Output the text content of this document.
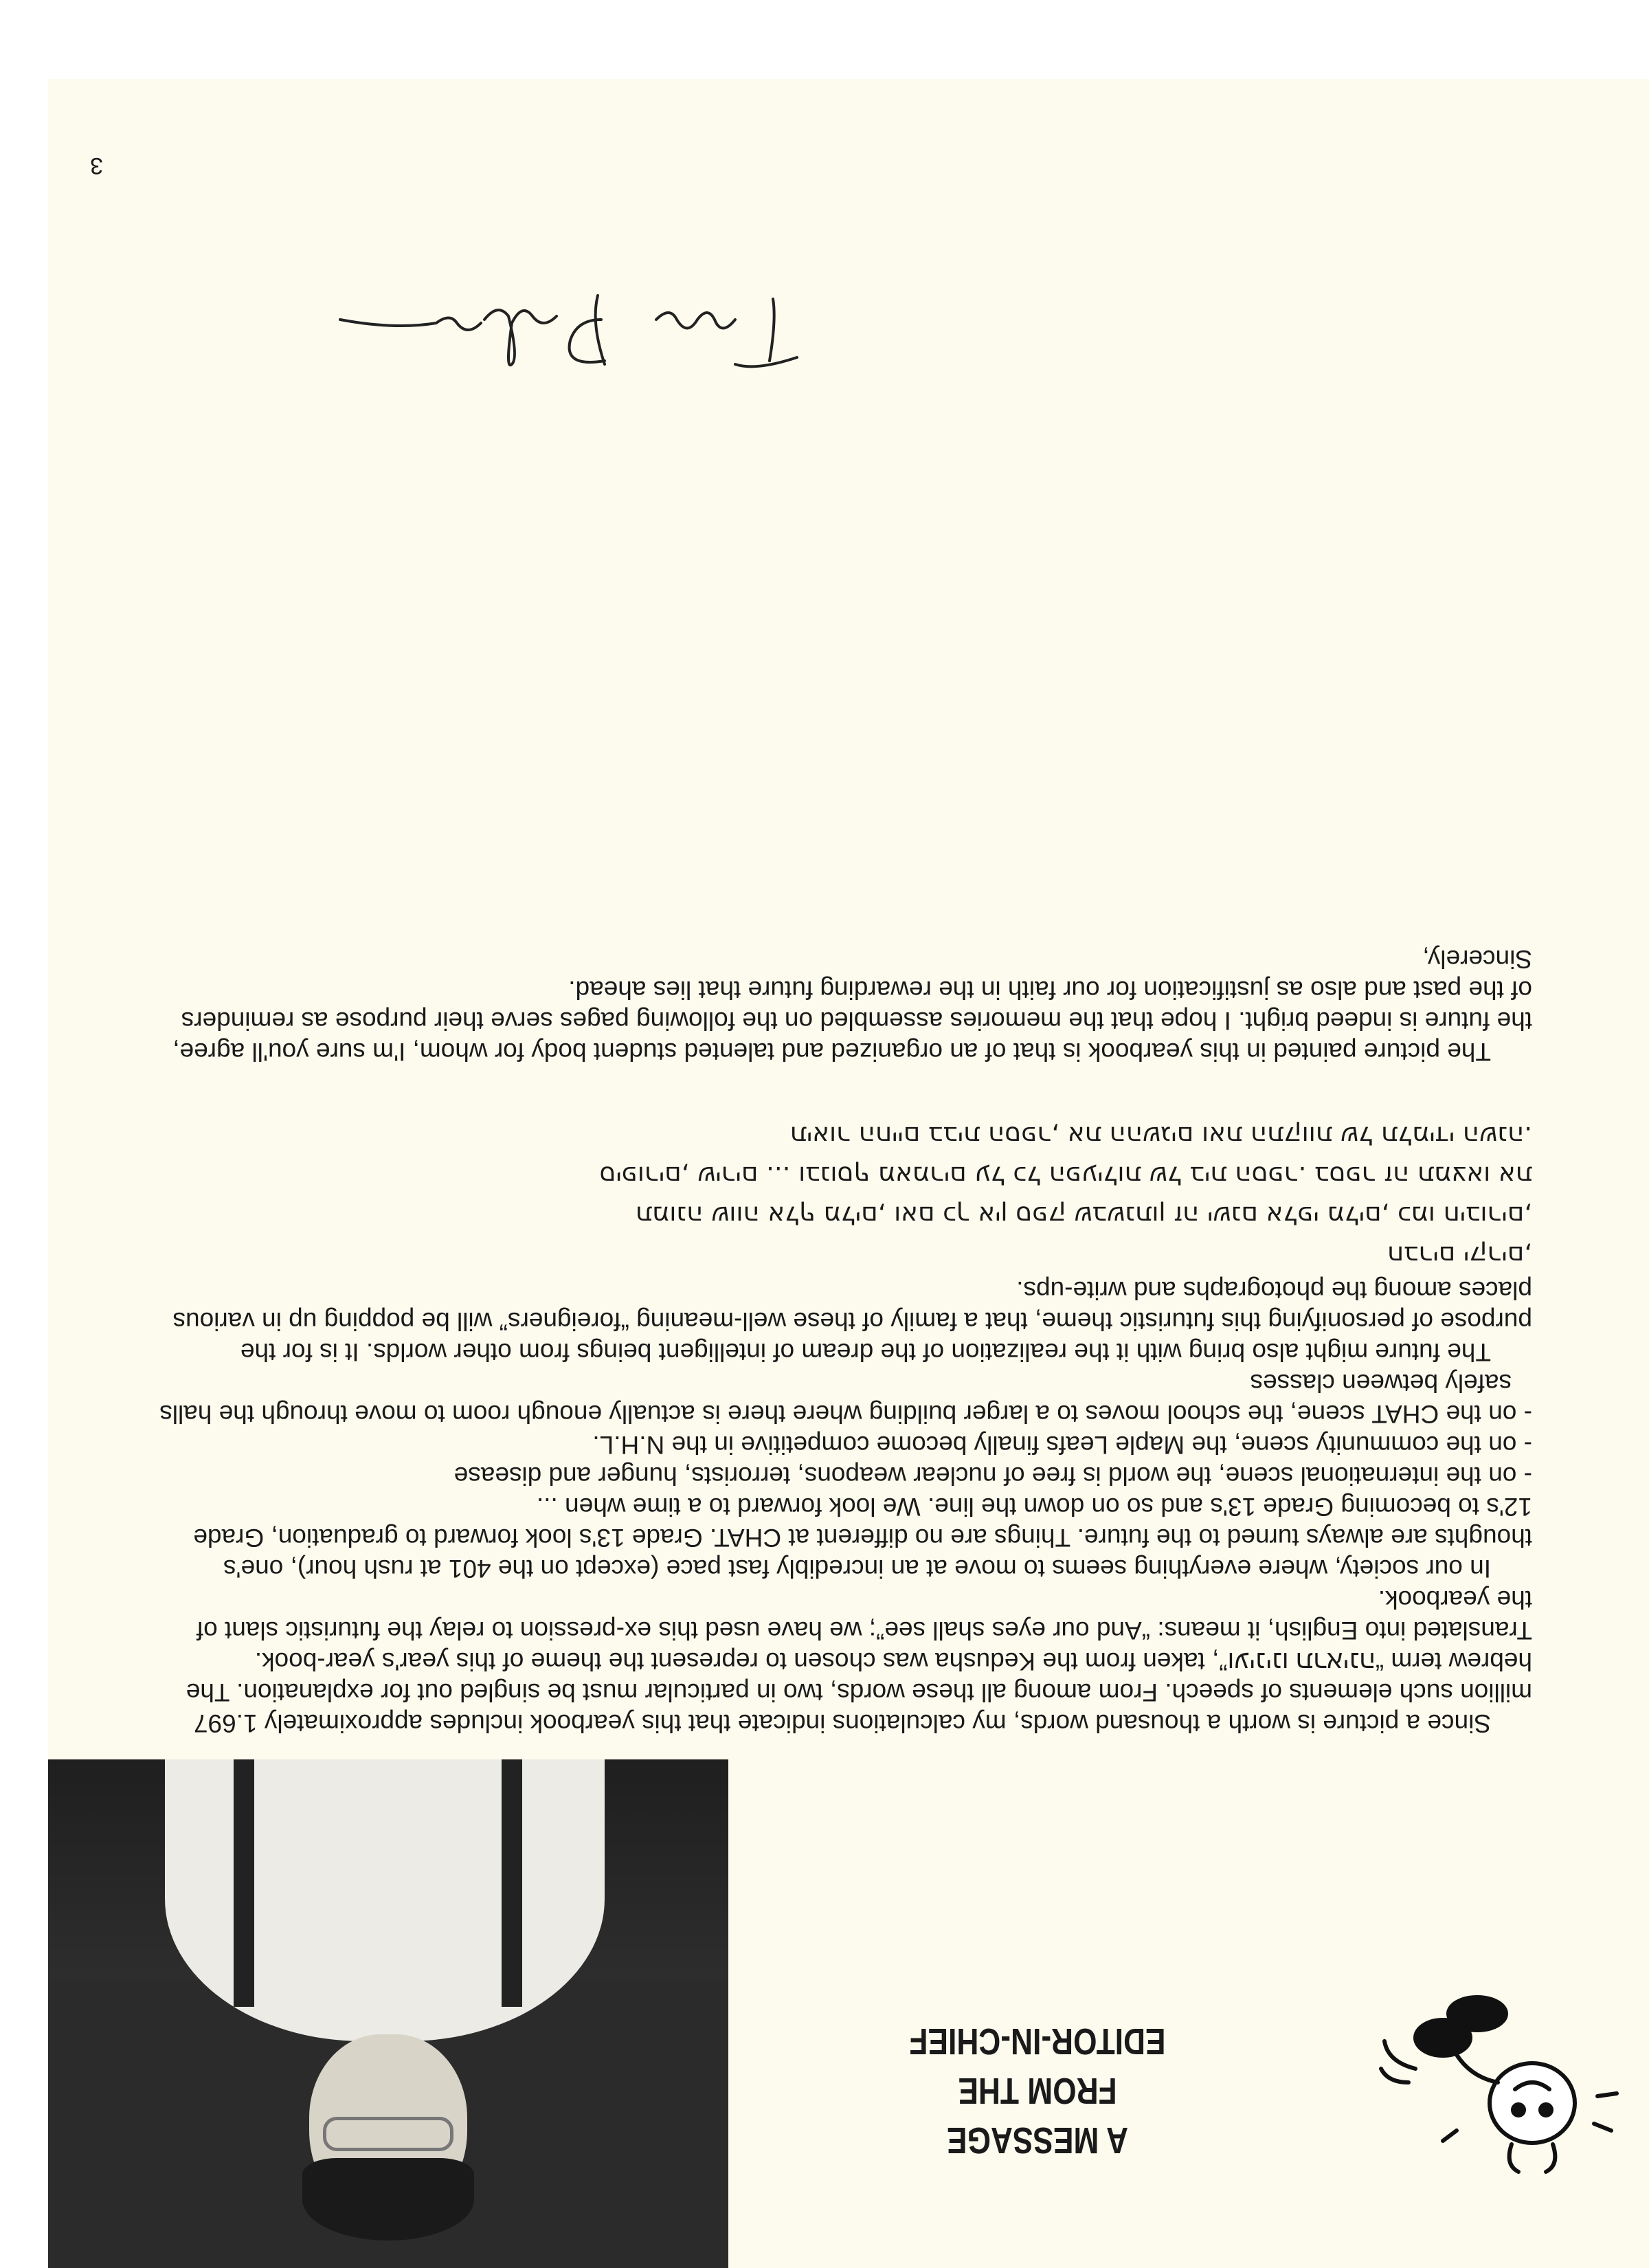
A MESSAGE
FROM THE
EDITOR-IN-CHIEF

Since a picture is worth a thousand words, my calculations indicate that this yearbook includes approximately 1.697 million such elements of speech. From among all these words, two in particular must be singled out for explanation. The hebrew term “ועינינו תראינה”, taken from the Kedusha was chosen to represent the theme of this year's year-book. Translated into English, it means: “And our eyes shall see”; we have used this ex-pression to relay the futuristic slant of the yearbook.

In our society, where everything seems to move at an incredibly fast pace (except on the 401 at rush hour), one's thoughts are always turned to the future. Things are no different at CHAT. Grade 13's look forward to graduation, Grade 12's to becoming Grade 13's and so on down the line. We look forward to a time when ...

- on the international scene, the world is free of nuclear weapons, terrorists, hunger and disease

- on the community scene, the Maple Leafs finally become competitive in the N.H.L.

- on the CHAT scene, the school moves to a larger building where there is actually enough room to move through the halls safely between classes

The future might also bring with it the realization of the dream of intelligent beings from other worlds. It is for the purpose of personifying this futuristic theme, that a family of these well-meaning “foreigners” will be popping up in various places among the photographs and write-ups.

חברים יקרים,

תמונה שווה אלף מלים, ואם כך אין ספק שבשנתון זה ישנם אלפי מלים, כמו חיבורים, סיפורים, שירים ... ובנוסף מאמרים על כל הפעילות של בית הספר. בספר זה תמצאו את תיאור החיים בבית הספר, את ההשגים ואת התקוות של תלמידי השנה.

The picture painted in this yearbook is that of an organized and talented student body for whom, I'm sure you'll agree, the future is indeed bright. I hope that the memories assembled on the following pages serve their purpose as reminders of the past and also as justification for our faith in the rewarding future that lies ahead.

Sincerely,

3
